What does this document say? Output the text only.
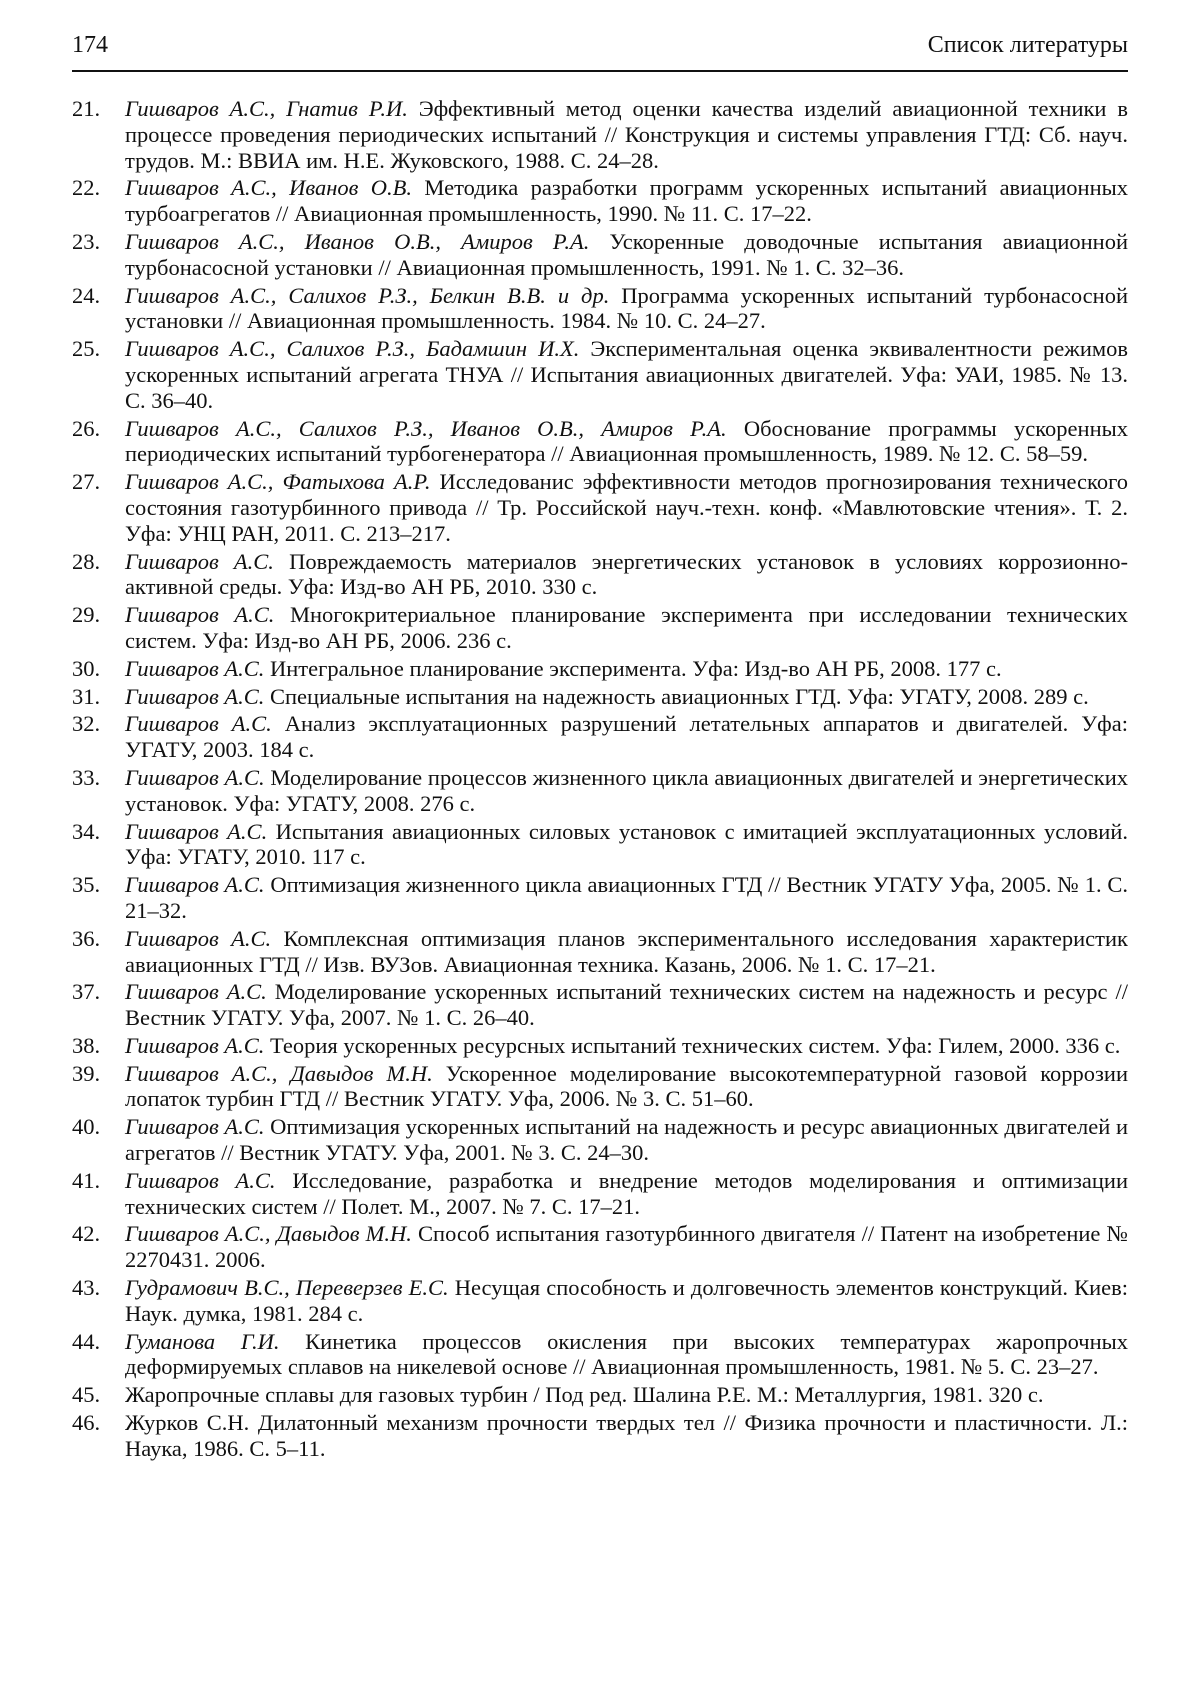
174	Список литературы
21. Гишваров А.С., Гнатив Р.И. Эффективный метод оценки качества изделий авиационной техники в процессе проведения периодических испытаний // Конструкция и системы управления ГТД: Сб. науч. трудов. М.: ВВИА им. Н.Е. Жуковского, 1988. С. 24–28.
22. Гишваров А.С., Иванов О.В. Методика разработки программ ускоренных испытаний авиационных турбоагрегатов // Авиационная промышленность, 1990. № 11. С. 17–22.
23. Гишваров А.С., Иванов О.В., Амиров Р.А. Ускоренные доводочные испытания авиационной турбонасосной установки // Авиационная промышленность, 1991. № 1. С. 32–36.
24. Гишваров А.С., Салихов Р.З., Белкин В.В. и др. Программа ускоренных испытаний турбонасосной установки // Авиационная промышленность. 1984. № 10. С. 24–27.
25. Гишваров А.С., Салихов Р.З., Бадамшин И.Х. Экспериментальная оценка эквивалентности режимов ускоренных испытаний агрегата ТНУА // Испытания авиационных двигателей. Уфа: УАИ, 1985. № 13. С. 36–40.
26. Гишваров А.С., Салихов Р.З., Иванов О.В., Амиров Р.А. Обоснование программы ускоренных периодических испытаний турбогенератора // Авиационная промышленность, 1989. № 12. С. 58–59.
27. Гишваров А.С., Фатыхова А.Р. Исследованис эффективности методов прогнозирования технического состояния газотурбинного привода // Тр. Российской науч.-техн. конф. «Мавлютовские чтения». Т. 2. Уфа: УНЦ РАН, 2011. С. 213–217.
28. Гишваров А.С. Повреждаемость материалов энергетических установок в условиях коррозионно-активной среды. Уфа: Изд-во АН РБ, 2010. 330 с.
29. Гишваров А.С. Многокритериальное планирование эксперимента при исследовании технических систем. Уфа: Изд-во АН РБ, 2006. 236 с.
30. Гишваров А.С. Интегральное планирование эксперимента. Уфа: Изд-во АН РБ, 2008. 177 с.
31. Гишваров А.С. Специальные испытания на надежность авиационных ГТД. Уфа: УГАТУ, 2008. 289 с.
32. Гишваров А.С. Анализ эксплуатационных разрушений летательных аппаратов и двигателей. Уфа: УГАТУ, 2003. 184 с.
33. Гишваров А.С. Моделирование процессов жизненного цикла авиационных двигателей и энергетических установок. Уфа: УГАТУ, 2008. 276 с.
34. Гишваров А.С. Испытания авиационных силовых установок с имитацией эксплуатационных условий. Уфа: УГАТУ, 2010. 117 с.
35. Гишваров А.С. Оптимизация жизненного цикла авиационных ГТД // Вестник УГАТУ Уфа, 2005. № 1. С. 21–32.
36. Гишваров А.С. Комплексная оптимизация планов экспериментального исследования характеристик авиационных ГТД // Изв. ВУЗов. Авиационная техника. Казань, 2006. № 1. С. 17–21.
37. Гишваров А.С. Моделирование ускоренных испытаний технических систем на надежность и ресурс // Вестник УГАТУ. Уфа, 2007. № 1. С. 26–40.
38. Гишваров А.С. Теория ускоренных ресурсных испытаний технических систем. Уфа: Гилем, 2000. 336 с.
39. Гишваров А.С., Давыдов М.Н. Ускоренное моделирование высокотемпературной газовой коррозии лопаток турбин ГТД // Вестник УГАТУ. Уфа, 2006. № 3. С. 51–60.
40. Гишваров А.С. Оптимизация ускоренных испытаний на надежность и ресурс авиационных двигателей и агрегатов // Вестник УГАТУ. Уфа, 2001. № 3. С. 24–30.
41. Гишваров А.С. Исследование, разработка и внедрение методов моделирования и оптимизации технических систем // Полет. М., 2007. № 7. С. 17–21.
42. Гишваров А.С., Давыдов М.Н. Способ испытания газотурбинного двигателя // Патент на изобретение № 2270431. 2006.
43. Гудрамович В.С., Переверзев Е.С. Несущая способность и долговечность элементов конструкций. Киев: Наук. думка, 1981. 284 с.
44. Гуманова Г.И. Кинетика процессов окисления при высоких температурах жаропрочных деформируемых сплавов на никелевой основе // Авиационная промышленность, 1981. № 5. С. 23–27.
45. Жаропрочные сплавы для газовых турбин / Под ред. Шалина Р.Е. М.: Металлургия, 1981. 320 с.
46. Журков С.Н. Дилатонный механизм прочности твердых тел // Физика прочности и пластичности. Л.: Наука, 1986. С. 5–11.
